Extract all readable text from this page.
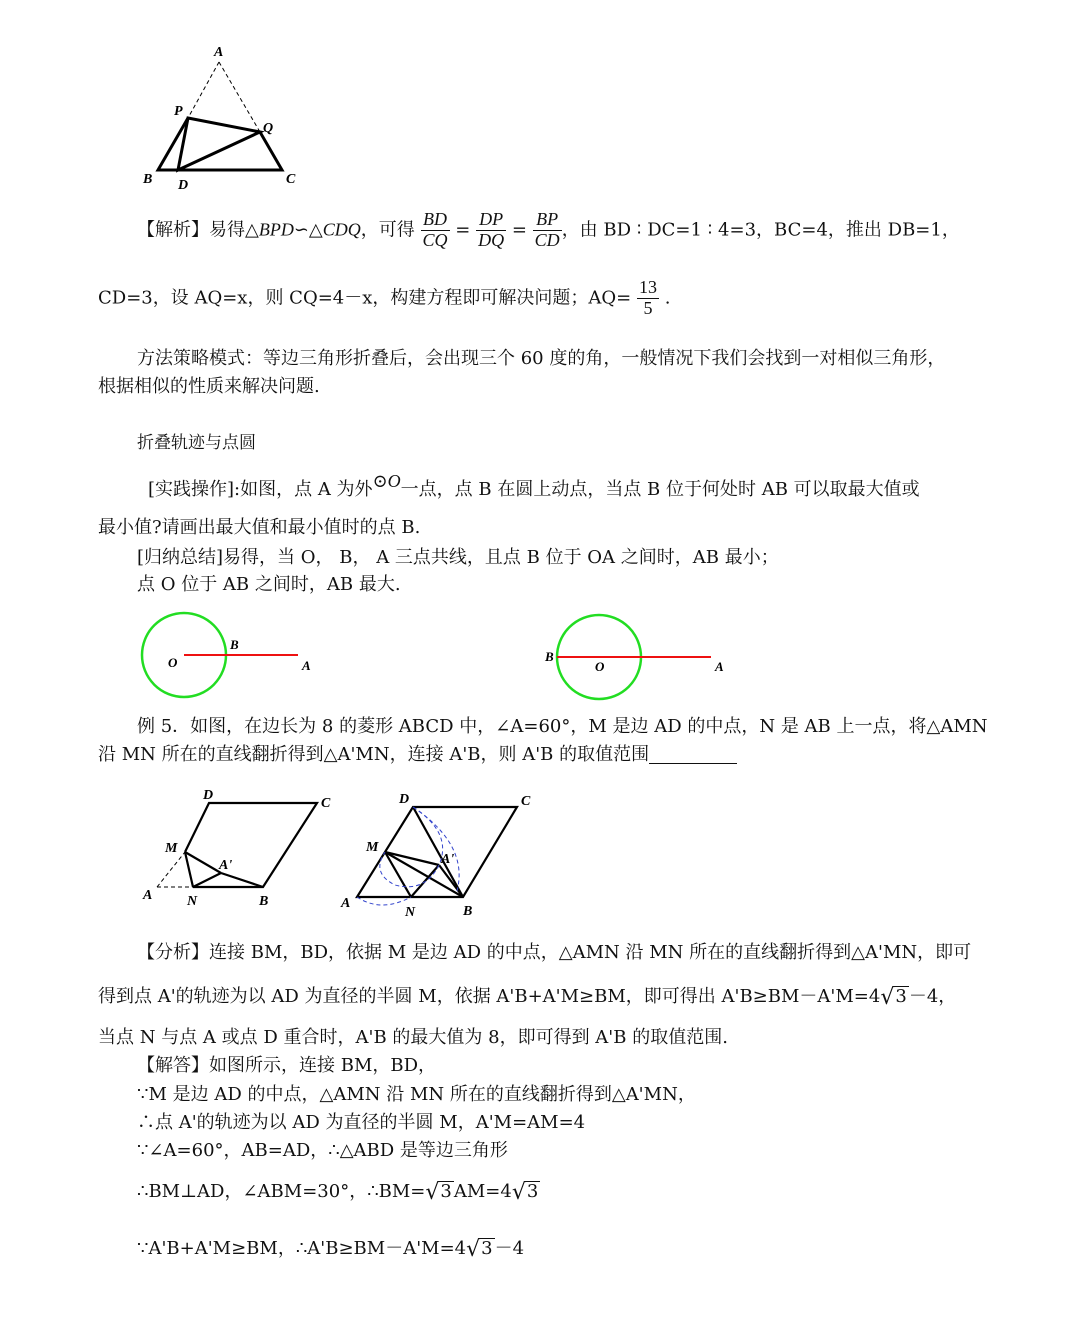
A
P
Q
B D	C
【解析】易得△BPD∽△CDQ，可得 $\frac{BD}{CQ} = \frac{DP}{DQ} = \frac{BP}{CD}$ ，由 BD ∶ DC=1 ∶ 4=3，BC=4，推出 DB=1，
CD=3，设 AQ=x，则 CQ=4－x，构建方程即可解决问题；$AQ= \frac{13}{5}$ .
方法策略模式：等边三角形折叠后，会出现三个 60 度的角，一般情况下我们会找到一对相似三角形，
根据相似的性质来解决问题.
折叠轨迹与点圆
[实践操作]:如图，点 A 为外⊙O一点，点 B 在圆上动点，当点 B 位于何处时 AB 可以取最大值或
最小值?请画出最大值和最小值时的点 B.
[归纳总结]易得，当 O， B， A 三点共线，且点 B 位于 OA 之间时，AB 最小；
点 O 位于 AB 之间时，AB 最大.
O
B
A
B
O	A
例 5．如图，在边长为 8 的菱形 ABCD 中，∠A=60°，M 是边 AD 的中点，N 是 AB 上一点，将△AMN
沿 MN 所在的直线翻折得到△A'MN，连接 A'B，则 A'B 的取值范围
D
C
M
A'
A N	B
D	C
M
A'
A
N	B
【分析】连接 BM，BD，依据 M 是边 AD 的中点，△AMN 沿 MN 所在的直线翻折得到△A'MN，即可
得到点 A'的轨迹为以 AD 为直径的半圆 M，依据 A'B+A'M≥BM，即可得出 A'B≥BM－A'M=4√3 －4，
当点 N 与点 A 或点 D 重合时，A'B 的最大值为 8，即可得到 A'B 的取值范围.
【解答】如图所示，连接 BM，BD，
∵M 是边 AD 的中点，△AMN 沿 MN 所在的直线翻折得到△A'MN，
∴点 A'的轨迹为以 AD 为直径的半圆 M，A'M=AM=4
∵∠A=60°，AB=AD，∴△ABD 是等边三角形
∴BM⊥AD，∠ABM=30°，∴BM=√3 AM=4√3
∵A'B+A'M≥BM，∴A'B≥BM－A'M=4√3 －4
